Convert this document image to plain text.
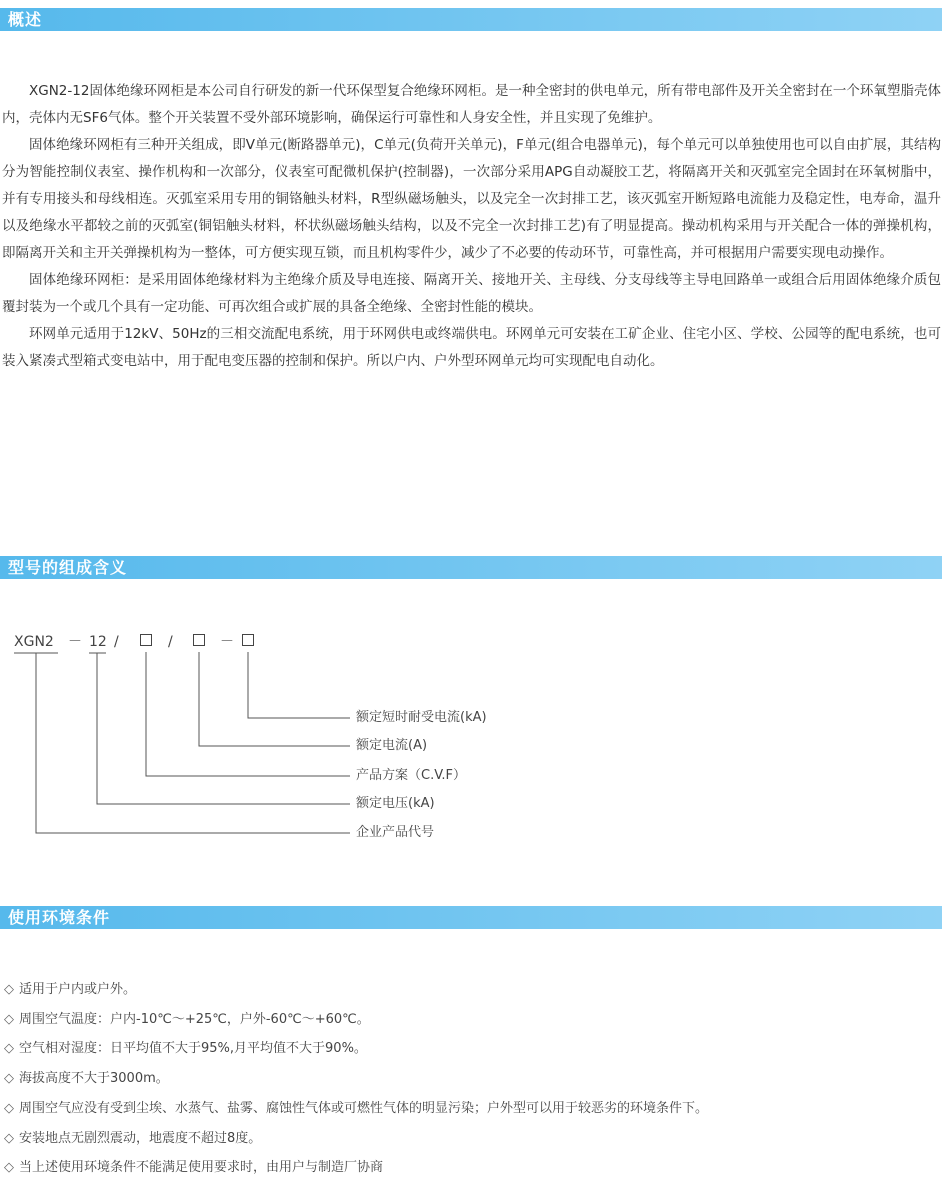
概述

XGN2-12固体绝缘环网柜是本公司自行研发的新一代环保型复合绝缘环网柜。是一种全密封的供电单元，所有带电部件及开关全密封在一个环氧塑脂壳体内，壳体内无SF6气体。整个开关装置不受外部环境影响，确保运行可靠性和人身安全性，并且实现了免维护。

固体绝缘环网柜有三种开关组成，即V单元(断路器单元)，C单元(负荷开关单元)，F单元(组合电器单元)，每个单元可以单独使用也可以自由扩展，其结构分为智能控制仪表室、操作机构和一次部分，仪表室可配微机保护(控制器)，一次部分采用APG自动凝胶工艺，将隔离开关和灭弧室完全固封在环氧树脂中，并有专用接头和母线相连。灭弧室采用专用的铜铬触头材料，R型纵磁场触头，以及完全一次封排工艺，该灭弧室开断短路电流能力及稳定性，电寿命，温升以及绝缘水平都较之前的灭弧室(铜铝触头材料，杯状纵磁场触头结构，以及不完全一次封排工艺)有了明显提高。操动机构采用与开关配合一体的弹操机构，即隔离开关和主开关弹操机构为一整体，可方便实现互锁，而且机构零件少，减少了不必要的传动环节，可靠性高，并可根据用户需要实现电动操作。

固体绝缘环网柜：是采用固体绝缘材料为主绝缘介质及导电连接、隔离开关、接地开关、主母线、分支母线等主导电回路单一或组合后用固体绝缘介质包覆封装为一个或几个具有一定功能、可再次组合或扩展的具备全绝缘、全密封性能的模块。

环网单元适用于12kV、50Hz的三相交流配电系统，用于环网供电或终端供电。环网单元可安装在工矿企业、住宅小区、学校、公园等的配电系统，也可装入紧凑式型箱式变电站中，用于配电变压器的控制和保护。所以户内、户外型环网单元均可实现配电自动化。

型号的组成含义
XGN2 － 12 /	/	－
额定短时耐受电流(kA)
额定电流(A)
产品方案（C.V.F）
额定电压(kA)
企业产品代号
使用环境条件
◇ 适用于户内或户外。
◇ 周围空气温度：户内-10℃～+25℃，户外-60℃～+60℃。
◇ 空气相对湿度：日平均值不大于95%,月平均值不大于90%。
◇ 海拔高度不大于3000m。
◇ 周围空气应没有受到尘埃、水蒸气、盐雾、腐蚀性气体或可燃性气体的明显污染；户外型可以用于较恶劣的环境条件下。
◇ 安装地点无剧烈震动，地震度不超过8度。
◇ 当上述使用环境条件不能满足使用要求时，由用户与制造厂协商
